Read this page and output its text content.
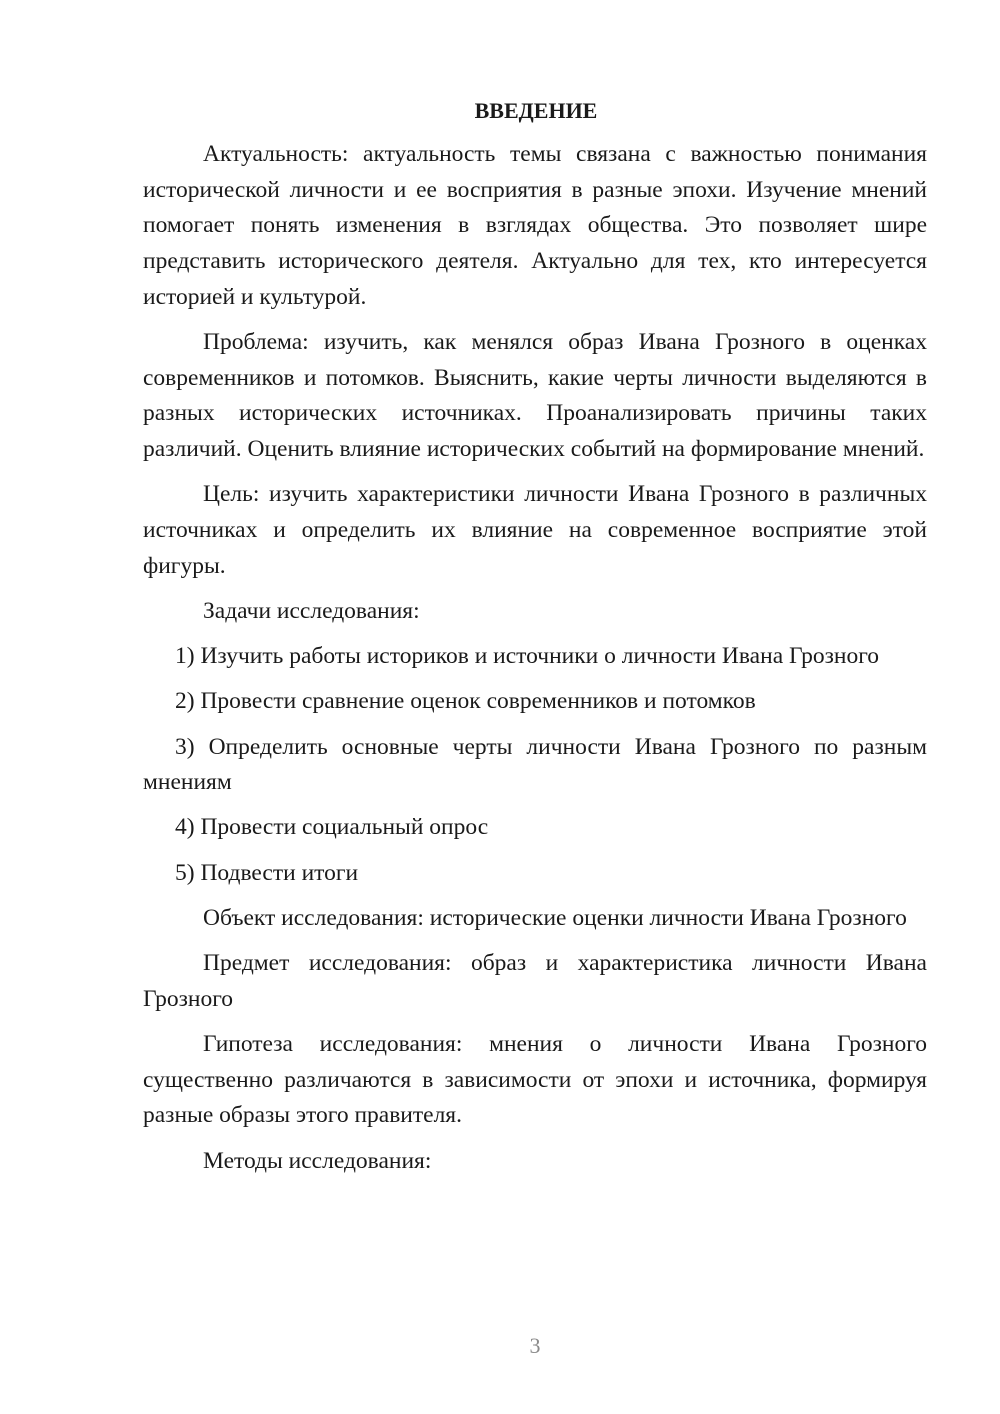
ВВЕДЕНИЕ

Актуальность: актуальность темы связана с важностью понимания исторической личности и ее восприятия в разные эпохи. Изучение мнений помогает понять изменения в взглядах общества. Это позволяет шире представить исторического деятеля. Актуально для тех, кто интересуется историей и культурой.

Проблема: изучить, как менялся образ Ивана Грозного в оценках современников и потомков. Выяснить, какие черты личности выделяются в разных исторических источниках. Проанализировать причины таких различий. Оценить влияние исторических событий на формирование мнений.

Цель: изучить характеристики личности Ивана Грозного в различных источниках и определить их влияние на современное восприятие этой фигуры.

Задачи исследования:

1) Изучить работы историков и источники о личности Ивана Грозного

2) Провести сравнение оценок современников и потомков

3) Определить основные черты личности Ивана Грозного по разным мнениям

4) Провести социальный опрос

5) Подвести итоги

Объект исследования: исторические оценки личности Ивана Грозного

Предмет исследования: образ и характеристика личности Ивана Грозного

Гипотеза исследования: мнения о личности Ивана Грозного существенно различаются в зависимости от эпохи и источника, формируя разные образы этого правителя.

Методы исследования:

3
